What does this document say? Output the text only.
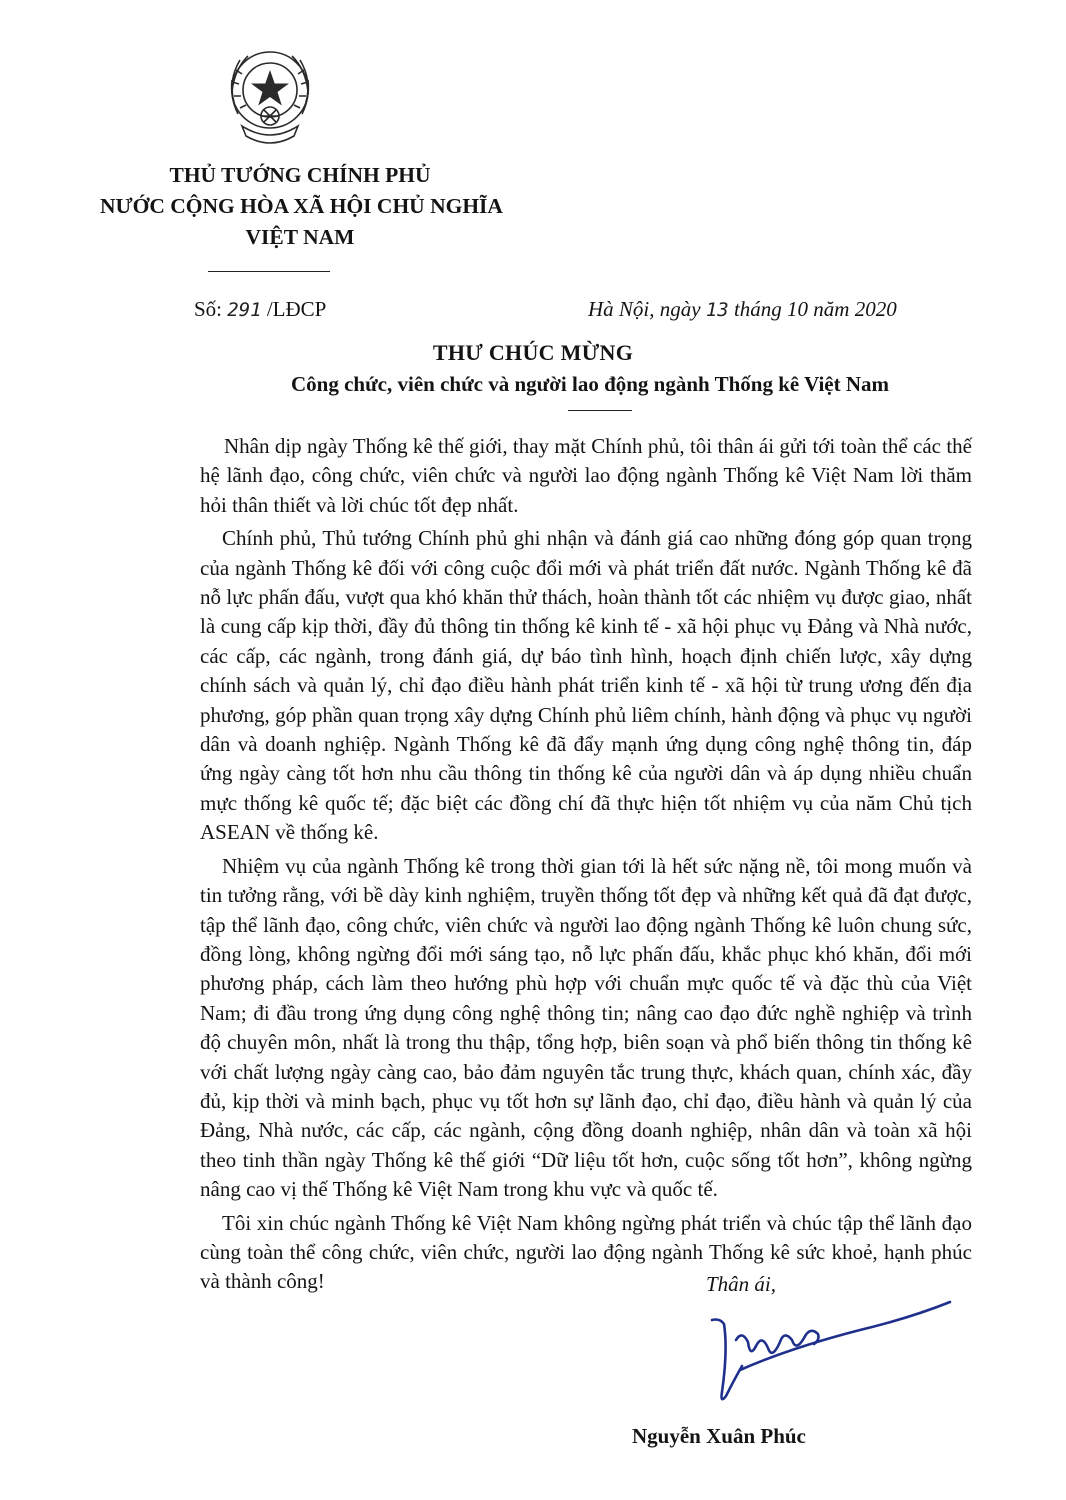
THỦ TƯỚNG CHÍNH PHỦ
NƯỚC CỘNG HÒA XÃ HỘI CHỦ NGHĨA
VIỆT NAM
Số: 291 /LĐCP	Hà Nội, ngày 13 tháng 10 năm 2020
THƯ CHÚC MỪNG
Công chức, viên chức và người lao động ngành Thống kê Việt Nam

Nhân dịp ngày Thống kê thế giới, thay mặt Chính phủ, tôi thân ái gửi tới toàn thể các thế hệ lãnh đạo, công chức, viên chức và người lao động ngành Thống kê Việt Nam lời thăm hỏi thân thiết và lời chúc tốt đẹp nhất.

Chính phủ, Thủ tướng Chính phủ ghi nhận và đánh giá cao những đóng góp quan trọng của ngành Thống kê đối với công cuộc đổi mới và phát triển đất nước. Ngành Thống kê đã nỗ lực phấn đấu, vượt qua khó khăn thử thách, hoàn thành tốt các nhiệm vụ được giao, nhất là cung cấp kịp thời, đầy đủ thông tin thống kê kinh tế - xã hội phục vụ Đảng và Nhà nước, các cấp, các ngành, trong đánh giá, dự báo tình hình, hoạch định chiến lược, xây dựng chính sách và quản lý, chỉ đạo điều hành phát triển kinh tế - xã hội từ trung ương đến địa phương, góp phần quan trọng xây dựng Chính phủ liêm chính, hành động và phục vụ người dân và doanh nghiệp. Ngành Thống kê đã đẩy mạnh ứng dụng công nghệ thông tin, đáp ứng ngày càng tốt hơn nhu cầu thông tin thống kê của người dân và áp dụng nhiều chuẩn mực thống kê quốc tế; đặc biệt các đồng chí đã thực hiện tốt nhiệm vụ của năm Chủ tịch ASEAN về thống kê.

Nhiệm vụ của ngành Thống kê trong thời gian tới là hết sức nặng nề, tôi mong muốn và tin tưởng rằng, với bề dày kinh nghiệm, truyền thống tốt đẹp và những kết quả đã đạt được, tập thể lãnh đạo, công chức, viên chức và người lao động ngành Thống kê luôn chung sức, đồng lòng, không ngừng đổi mới sáng tạo, nỗ lực phấn đấu, khắc phục khó khăn, đổi mới phương pháp, cách làm theo hướng phù hợp với chuẩn mực quốc tế và đặc thù của Việt Nam; đi đầu trong ứng dụng công nghệ thông tin; nâng cao đạo đức nghề nghiệp và trình độ chuyên môn, nhất là trong thu thập, tổng hợp, biên soạn và phổ biến thông tin thống kê với chất lượng ngày càng cao, bảo đảm nguyên tắc trung thực, khách quan, chính xác, đầy đủ, kịp thời và minh bạch, phục vụ tốt hơn sự lãnh đạo, chỉ đạo, điều hành và quản lý của Đảng, Nhà nước, các cấp, các ngành, cộng đồng doanh nghiệp, nhân dân và toàn xã hội theo tinh thần ngày Thống kê thế giới “Dữ liệu tốt hơn, cuộc sống tốt hơn”, không ngừng nâng cao vị thế Thống kê Việt Nam trong khu vực và quốc tế.

Tôi xin chúc ngành Thống kê Việt Nam không ngừng phát triển và chúc tập thể lãnh đạo cùng toàn thể công chức, viên chức, người lao động ngành Thống kê sức khoẻ, hạnh phúc và thành công!	Thân ái,
Nguyễn Xuân Phúc
